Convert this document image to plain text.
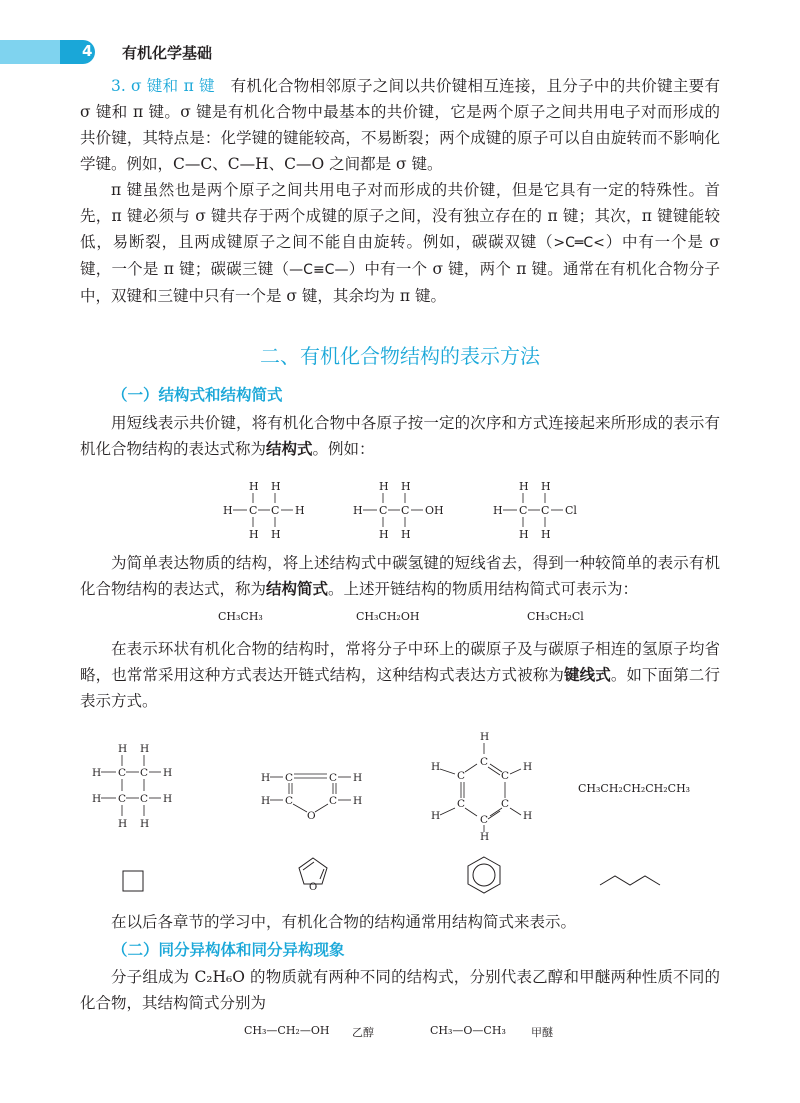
4 有机化学基础

3. σ 键和 π 键　 有机化合物相邻原子之间以共价键相互连接，且分子中的共价键主要有 σ 键和 π 键。σ 键是有机化合物中最基本的共价键，它是两个原子之间共用电子对而形成的共价键，其特点是：化学键的键能较高，不易断裂；两个成键的原子可以自由旋转而不影响化学键。例如，C—C、C—H、C—O 之间都是 σ 键。

π 键虽然也是两个原子之间共用电子对而形成的共价键，但是它具有一定的特殊性。首先，π 键必须与 σ 键共存于两个成键的原子之间，没有独立存在的 π 键；其次，π 键键能较低，易断裂，且两成键原子之间不能自由旋转。例如，碳碳双键（>C═C<）中有一个是 σ 键，一个是 π 键；碳碳三键（—C≡C—）中有一个 σ 键，两个 π 键。通常在有机化合物分子中，双键和三键中只有一个是 σ 键，其余均为 π 键。

二、有机化合物结构的表示方法
（一）结构式和结构简式

用短线表示共价键，将有机化合物中各原子按一定的次序和方式连接起来所形成的表示有机化合物结构的表达式称为结构式。例如：

H H
H C C H
H H
H H
H C C OH
H H
H H
H C C Cl
H H

为简单表达物质的结构，将上述结构式中碳氢键的短线省去，得到一种较简单的表示有机化合物结构的表达式，称为结构简式。上述开链结构的物质用结构简式可表示为：

CH₃CH₃	CH₃CH₂OH	CH₃CH₂Cl

在表示环状有机化合物的结构时，常将分子中环上的碳原子及与碳原子相连的氢原子均省略，也常常采用这种方式表达开链式结构，这种结构式表达方式被称为键线式。如下面第二行表示方式。

H H
H C C H
H C C H
H H
H C	C H
H C	C H
O
H
C
C	C
H	H
C	C
H	H
C
H
CH₃CH₂CH₂CH₂CH₃
O

在以后各章节的学习中，有机化合物的结构通常用结构简式来表示。

（二）同分异构体和同分异构现象

分子组成为 C₂H₆O 的物质就有两种不同的结构式，分别代表乙醇和甲醚两种性质不同的化合物，其结构简式分别为

CH₃—CH₂—OH 乙醇	CH₃—O—CH₃ 甲醚
